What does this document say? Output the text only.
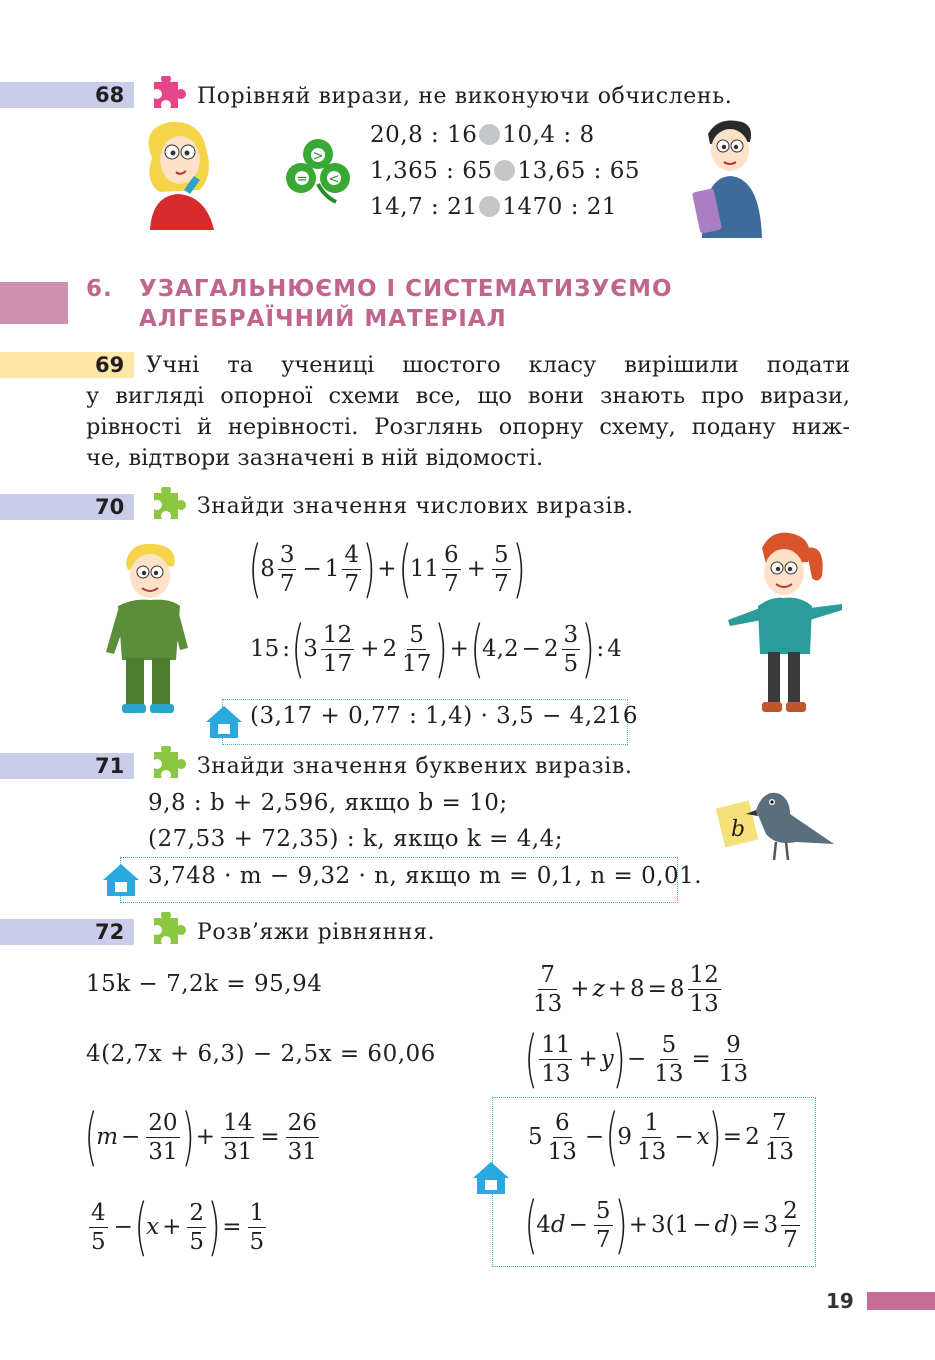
68	Порівняй вирази, не виконуючи обчислень.
>
= <
20,8 : 16 10,4 : 8
1,365 : 65 13,65 : 65
14,7 : 21 1470 : 21
6. УЗАГАЛЬНЮЄМО І СИСТЕМАТИЗУЄМО
АЛГЕБРАЇЧНИЙ МАТЕРІАЛ
69 Учні та учениці шостого класу вирішили подати
у вигляді опорної схеми все, що вони знають про вирази,
рівності й нерівності. Розглянь опорну схему, подану ниж-
че, відтвори зазначені в ній відомості.
70	Знайди значення числових виразів.
(
$8 \frac{3}{7} - 1 \frac{4}{7}$ ) + (
$11 \frac{6}{7} + \frac{5}{7}$ )
15 : (
$3 \frac{12}{17} + 2 \frac{5}{17}$ ) + (
$4,2 - 2 \frac{3}{5}$ ) : 4
(3,17 + 0,77 : 1,4) · 3,5 − 4,216
71	Знайди значення буквених виразів.
9,8 : b + 2,596, якщо b = 10;
(27,53 + 72,35) : k, якщо k = 4,4;
3,748 · m − 9,32 · n, якщо m = 0,1, n = 0,01.
b
72	Розв’яжи рівняння.
15k − 7,2k = 95,94
4(2,7x + 6,3) − 2,5x = 60,06
(
$m - \frac{20}{31}$ ) + $\frac{14}{31} = \frac{26}{31}$
$\frac{4}{5}$ − (
$x + \frac{2}{5}$ ) = $\frac{1}{5}$
$\frac{7}{13} + z + 8 = 8 \frac{12}{13}$
( $\frac{11}{13} + y$
) − $\frac{5}{13} = \frac{9}{13}$
$5 \frac{6}{13}$ − (
$9 \frac{1}{13} - x$
) = $2 \frac{7}{13}$
(
4 $d - \frac{5}{7}$ ) + 3 ( 1 − d ) = $3 \frac{2}{7}$
19
